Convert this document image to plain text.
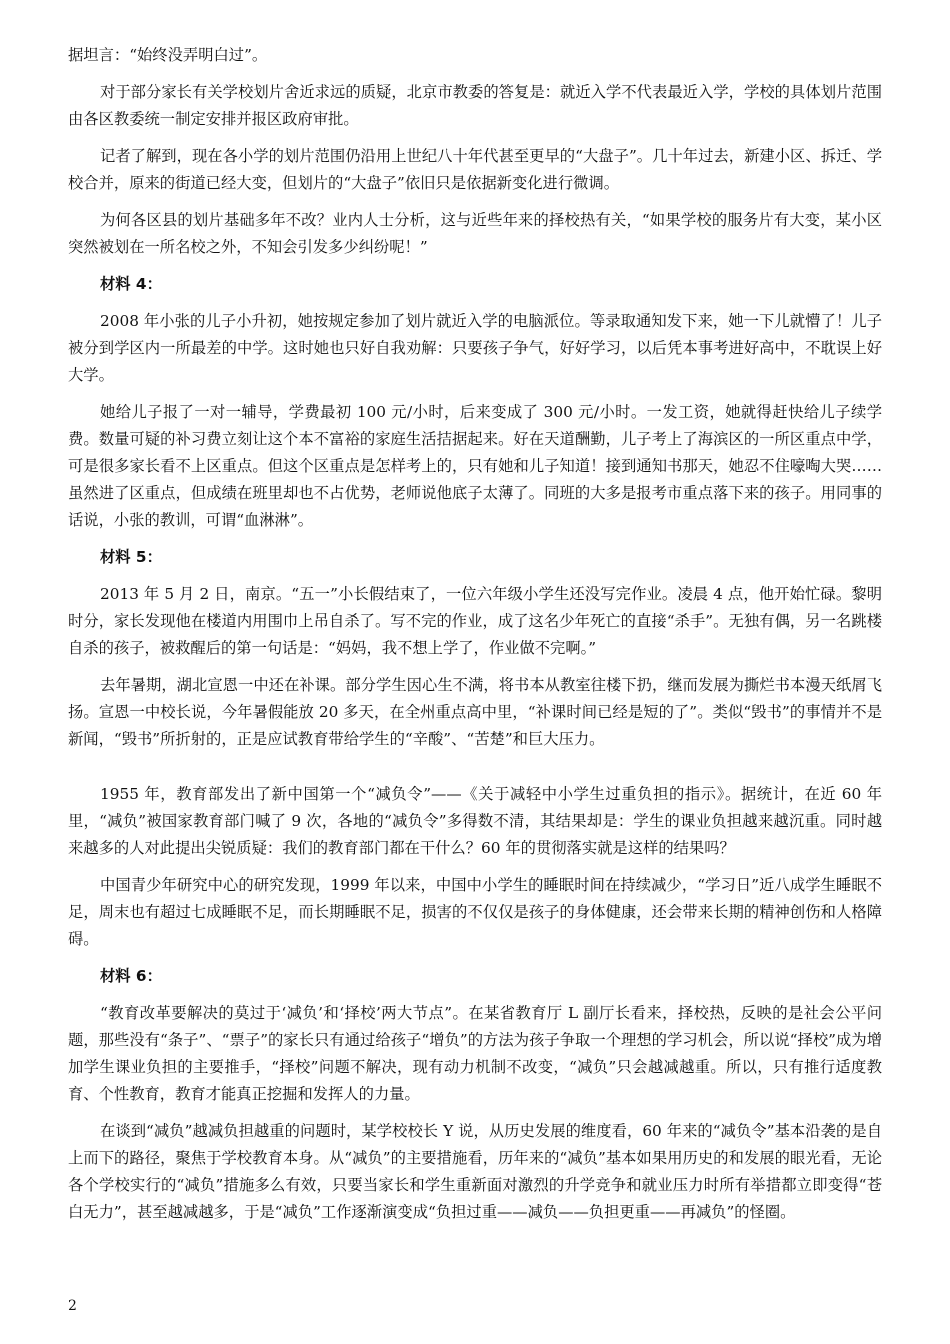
据坦言：“始终没弄明白过”。
对于部分家长有关学校划片舍近求远的质疑，北京市教委的答复是：就近入学不代表最近入学，学校的具体划片范围由各区教委统一制定安排并报区政府审批。
记者了解到，现在各小学的划片范围仍沿用上世纪八十年代甚至更早的“大盘子”。几十年过去，新建小区、拆迁、学校合并，原来的街道已经大变，但划片的“大盘子”依旧只是依据新变化进行微调。
为何各区县的划片基础多年不改？业内人士分析，这与近些年来的择校热有关，“如果学校的服务片有大变，某小区突然被划在一所名校之外，不知会引发多少纠纷呢！”
材料 4：
2008 年小张的儿子小升初，她按规定参加了划片就近入学的电脑派位。等录取通知发下来，她一下儿就懵了！儿子被分到学区内一所最差的中学。这时她也只好自我劝解：只要孩子争气，好好学习，以后凭本事考进好高中，不耽误上好大学。
她给儿子报了一对一辅导，学费最初 100 元/小时，后来变成了 300 元/小时。一发工资，她就得赶快给儿子续学费。数量可疑的补习费立刻让这个本不富裕的家庭生活拮据起来。好在天道酬勤，儿子考上了海滨区的一所区重点中学，可是很多家长看不上区重点。但这个区重点是怎样考上的，只有她和儿子知道！接到通知书那天，她忍不住嚎啕大哭……虽然进了区重点，但成绩在班里却也不占优势，老师说他底子太薄了。同班的大多是报考市重点落下来的孩子。用同事的话说，小张的教训，可谓“血淋淋”。
材料 5：
2013 年 5 月 2 日，南京。“五一”小长假结束了，一位六年级小学生还没写完作业。凌晨 4 点，他开始忙碌。黎明时分，家长发现他在楼道内用围巾上吊自杀了。写不完的作业，成了这名少年死亡的直接“杀手”。无独有偶，另一名跳楼自杀的孩子，被救醒后的第一句话是：“妈妈，我不想上学了，作业做不完啊。”
去年暑期，湖北宣恩一中还在补课。部分学生因心生不满，将书本从教室往楼下扔，继而发展为撕烂书本漫天纸屑飞扬。宣恩一中校长说，今年暑假能放 20 多天，在全州重点高中里，“补课时间已经是短的了”。类似“毁书”的事情并不是新闻，“毁书”所折射的，正是应试教育带给学生的“辛酸”、“苦楚”和巨大压力。
1955 年，教育部发出了新中国第一个“减负令”——《关于减轻中小学生过重负担的指示》。据统计，在近 60 年里，“减负”被国家教育部门喊了 9 次，各地的“减负令”多得数不清，其结果却是：学生的课业负担越来越沉重。同时越来越多的人对此提出尖锐质疑：我们的教育部门都在干什么？60 年的贯彻落实就是这样的结果吗？
中国青少年研究中心的研究发现，1999 年以来，中国中小学生的睡眠时间在持续减少，“学习日”近八成学生睡眠不足，周末也有超过七成睡眠不足，而长期睡眠不足，损害的不仅仅是孩子的身体健康，还会带来长期的精神创伤和人格障碍。
材料 6：
“教育改革要解决的莫过于‘减负’和‘择校’两大节点”。在某省教育厅 L 副厅长看来，择校热，反映的是社会公平问题，那些没有“条子”、“票子”的家长只有通过给孩子“增负”的方法为孩子争取一个理想的学习机会，所以说“择校”成为增加学生课业负担的主要推手，“择校”问题不解决，现有动力机制不改变，“减负”只会越减越重。所以，只有推行适度教育、个性教育，教育才能真正挖掘和发挥人的力量。
在谈到“减负”越减负担越重的问题时，某学校校长 Y 说，从历史发展的维度看，60 年来的“减负令”基本沿袭的是自上而下的路径，聚焦于学校教育本身。从“减负”的主要措施看，历年来的“减负”基本如果用历史的和发展的眼光看，无论各个学校实行的“减负”措施多么有效，只要当家长和学生重新面对激烈的升学竞争和就业压力时所有举措都立即变得“苍白无力”，甚至越减越多，于是“减负”工作逐渐演变成“负担过重——减负——负担更重——再减负”的怪圈。
2
